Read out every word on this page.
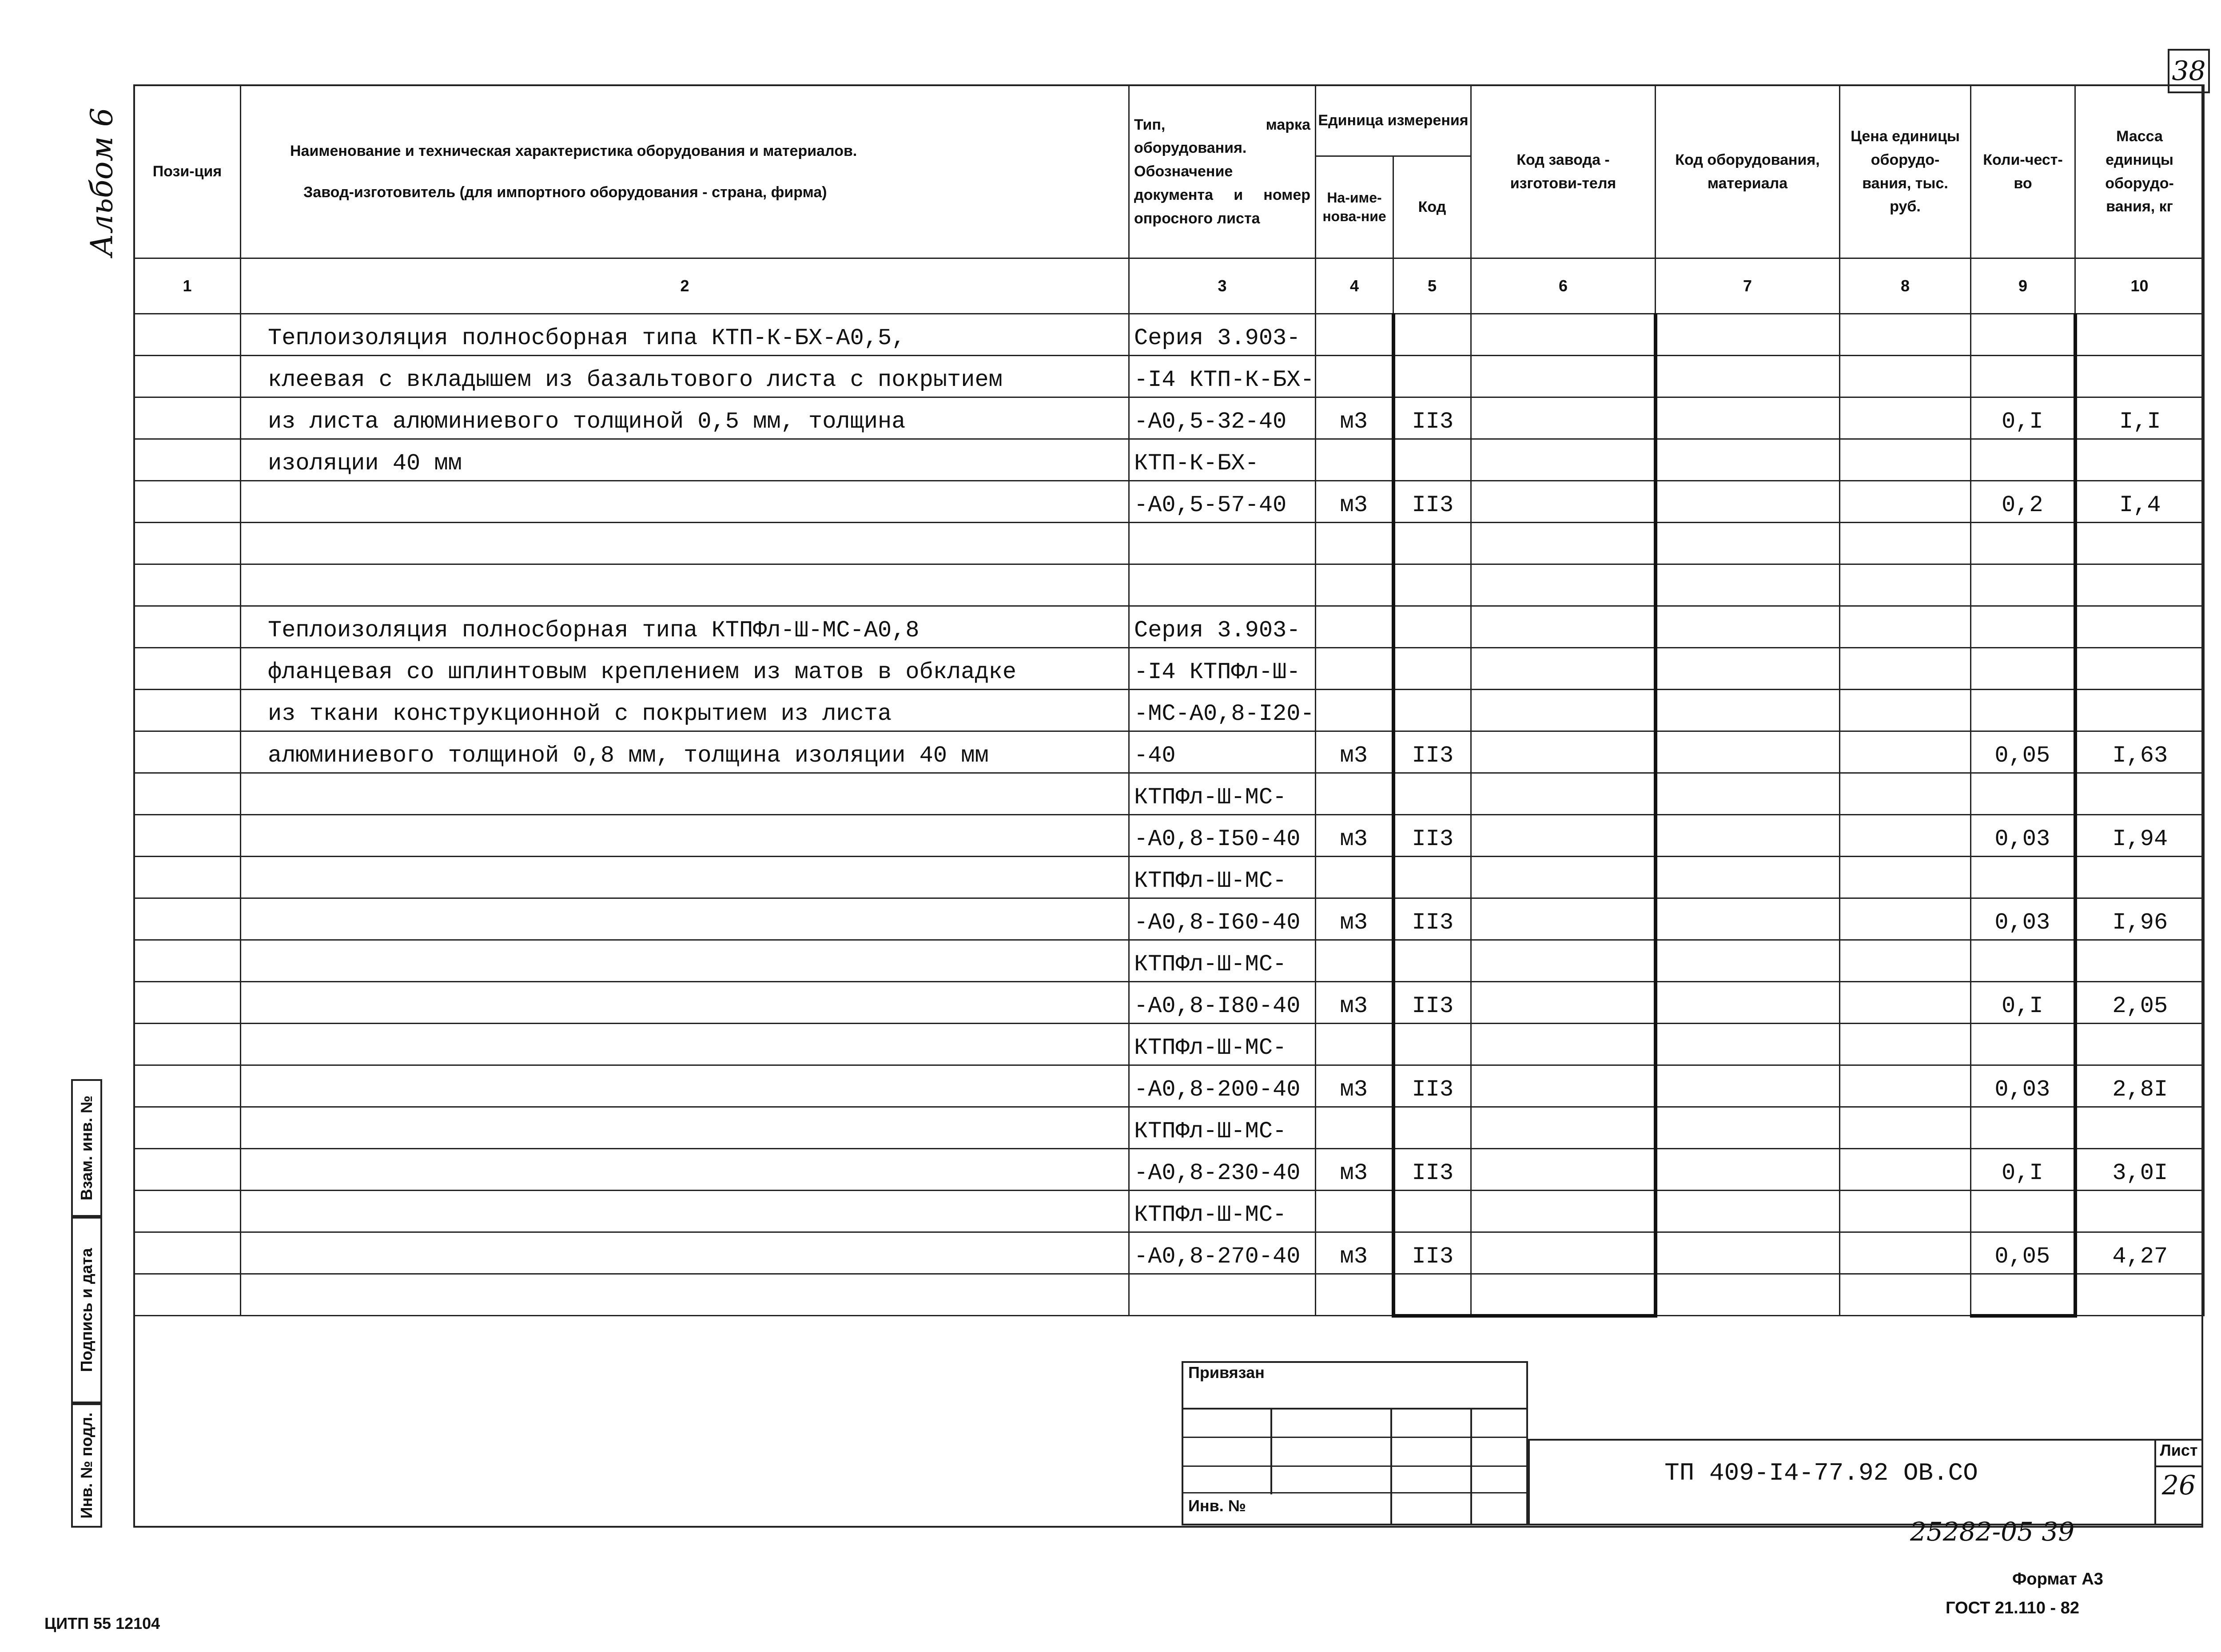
Альбом 6
38
Пози-ция	Наименование и техническая характеристика оборудования и материалов.
Завод-изготовитель (для импортного оборудования - страна, фирма)	Тип, марка оборудования. Обозначение документа и номер опросного листа	Единица измерения		Код завода - изготови-теля	Код оборудования, материала	Цена единицы оборудо-вания, тыс. руб.	Коли-чест-во	Масса единицы оборудо-вания, кг
			На-име-нова-ние	Код					
1	2	3	4	5	6	7	8	9	10
	Теплоизоляция полносборная типа КТП-К-БХ-А0,5,	Серия 3.903-							
	клеевая с вкладышем из базальтового листа с покрытием	-I4 КТП-К-БХ-							
	из листа алюминиевого толщиной 0,5 мм, толщина	-А0,5-32-40	м3	II3				0,I	I,I
	изоляции 40 мм	КТП-К-БХ-							
		-А0,5-57-40	м3	II3				0,2	I,4

	Теплоизоляция полносборная типа КТПФл-Ш-МС-А0,8	Серия 3.903-							
	фланцевая со шплинтовым креплением из матов в обкладке	-I4 КТПФл-Ш-							
	из ткани конструкционной с покрытием из листа	-МС-А0,8-I20-							
	алюминиевого толщиной 0,8 мм, толщина изоляции 40 мм	-40	м3	II3				0,05	I,63
		КТПФл-Ш-МС-							
		-А0,8-I50-40	м3	II3				0,03	I,94
		КТПФл-Ш-МС-							
		-А0,8-I60-40	м3	II3				0,03	I,96
		КТПФл-Ш-МС-							
		-А0,8-I80-40	м3	II3				0,I	2,05
		КТПФл-Ш-МС-							
		-А0,8-200-40	м3	II3				0,03	2,8I
		КТПФл-Ш-МС-							
		-А0,8-230-40	м3	II3				0,I	3,0I
		КТПФл-Ш-МС-							
		-А0,8-270-40	м3	II3				0,05	4,27

Взам. инв. №
Подпись и дата
Инв. № подл.
Привязан
Инв. №
ТП 409-I4-77.92 ОВ.СО
Лист
26
25282-05 39
Формат А3
ГОСТ 21.110 - 82
ЦИТП 55 12104
